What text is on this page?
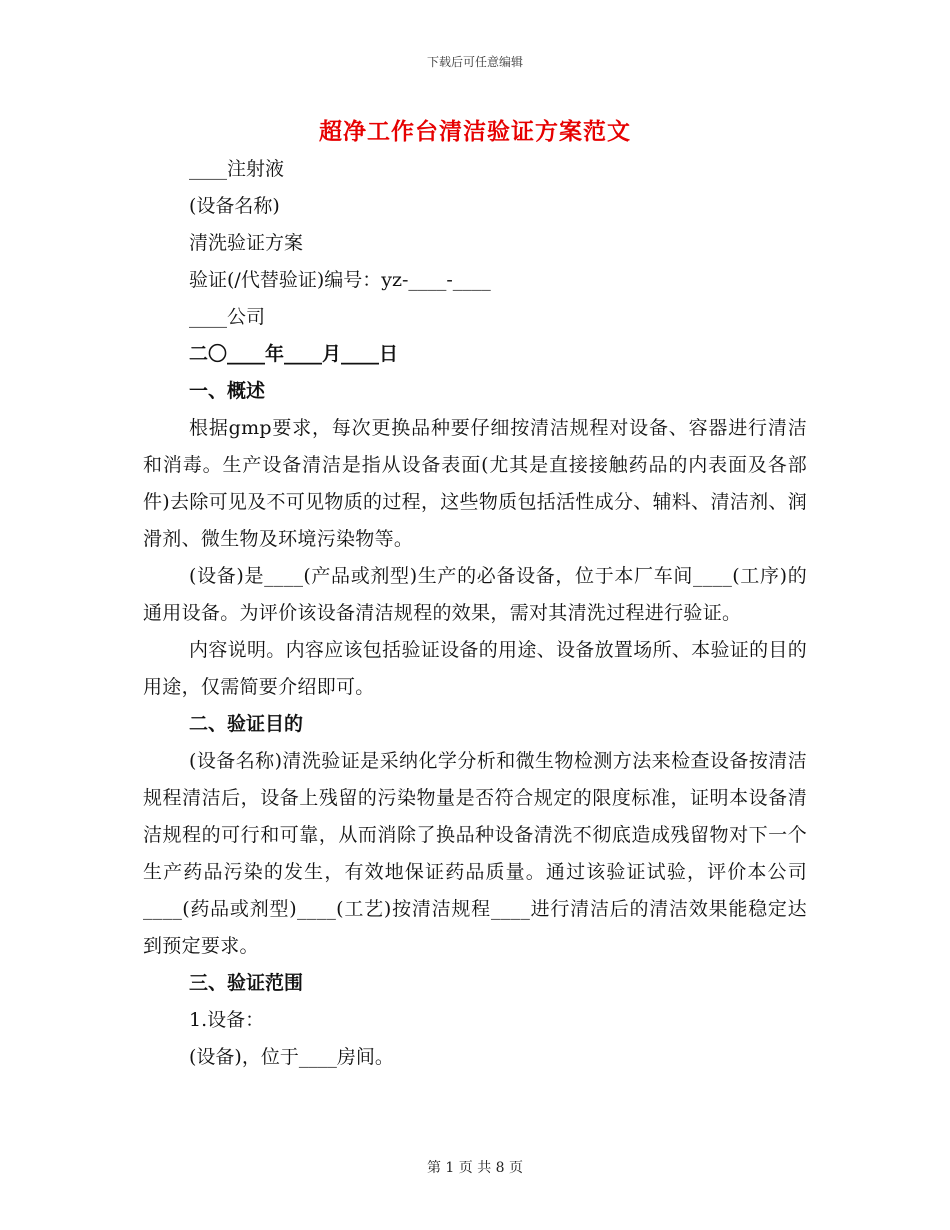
下载后可任意编辑
超净工作台清洁验证方案范文
____注射液
(设备名称)
清洗验证方案
验证(/代替验证)编号：yz-____-____
____公司
二〇____年____月____日
一、概述
根据gmp要求，每次更换品种要仔细按清洁规程对设备、容器进行清洁和消毒。生产设备清洁是指从设备表面(尤其是直接接触药品的内表面及各部件)去除可见及不可见物质的过程，这些物质包括活性成分、辅料、清洁剂、润滑剂、微生物及环境污染物等。
(设备)是____(产品或剂型)生产的必备设备，位于本厂车间____(工序)的通用设备。为评价该设备清洁规程的效果，需对其清洗过程进行验证。
内容说明。内容应该包括验证设备的用途、设备放置场所、本验证的目的用途，仅需简要介绍即可。
二、验证目的
(设备名称)清洗验证是采纳化学分析和微生物检测方法来检查设备按清洁规程清洁后，设备上残留的污染物量是否符合规定的限度标准，证明本设备清洁规程的可行和可靠，从而消除了换品种设备清洗不彻底造成残留物对下一个生产药品污染的发生，有效地保证药品质量。通过该验证试验，评价本公司____(药品或剂型)____(工艺)按清洁规程____进行清洁后的清洁效果能稳定达到预定要求。
三、验证范围
1.设备：
(设备)，位于____房间。
第 1 页 共 8 页
